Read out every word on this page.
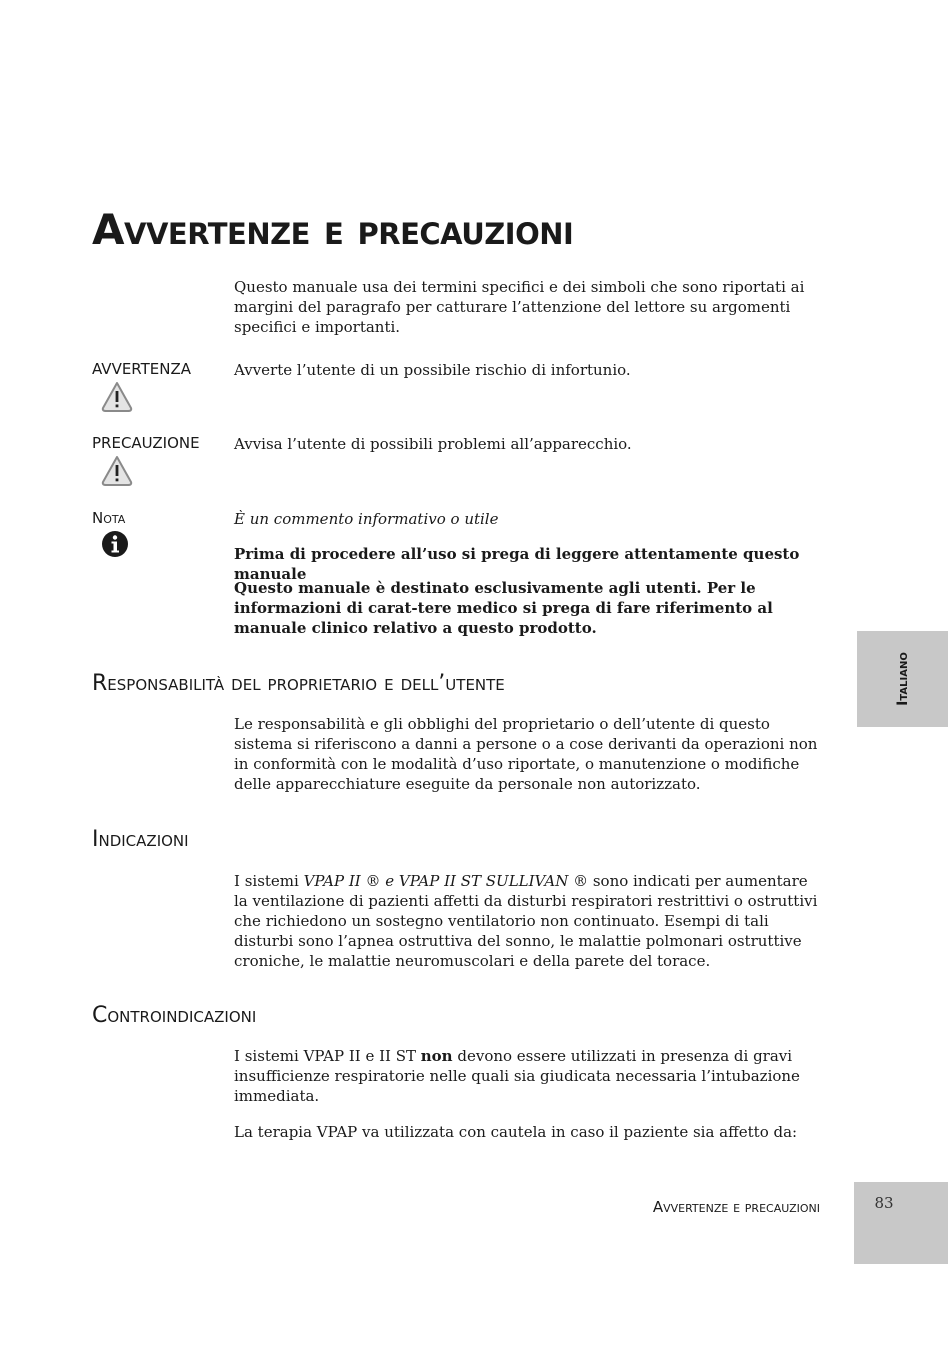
Avvertenze e precauzioni

Questo manuale usa dei termini specifici e dei simboli che sono riportati ai margini del paragrafo per catturare l’attenzione del lettore su argomenti specifici e importanti.

AVVERTENZA	Avverte l’utente di un possibile rischio di infortunio.

PRECAUZIONE Avvisa l’utente di possibili problemi all’apparecchio.

Nota	È un commento informativo o utile

Prima di procedere all’uso si prega di leggere attentamente questo manuale

Questo manuale è destinato esclusivamente agli utenti. Per le informazioni di carat-tere medico si prega di fare riferimento al manuale clinico relativo a questo prodotto.

Responsabilità del proprietario e dell’utente

Le responsabilità e gli obblighi del proprietario o dell’utente di questo sistema si riferiscono a danni a persone o a cose derivanti da operazioni non in conformità con le modalità d’uso riportate, o manutenzione o modifiche delle apparecchiature eseguite da personale non autorizzato.

Indicazioni

I sistemi VPAP II ® e VPAP II ST SULLIVAN ® sono indicati per aumentare la ventilazione di pazienti affetti da disturbi respiratori restrittivi o ostruttivi che richiedono un sostegno ventilatorio non continuato. Esempi di tali disturbi sono l’apnea ostruttiva del sonno, le malattie polmonari ostruttive croniche, le malattie neuromuscolari e della parete del torace.

Controindicazioni

I sistemi VPAP II e II ST non devono essere utilizzati in presenza di gravi insufficienze respiratorie nelle quali sia giudicata necessaria l’intubazione immediata.

La terapia VPAP va utilizzata con cautela in caso il paziente sia affetto da:

Italiano
Avvertenze e precauzioni	83
